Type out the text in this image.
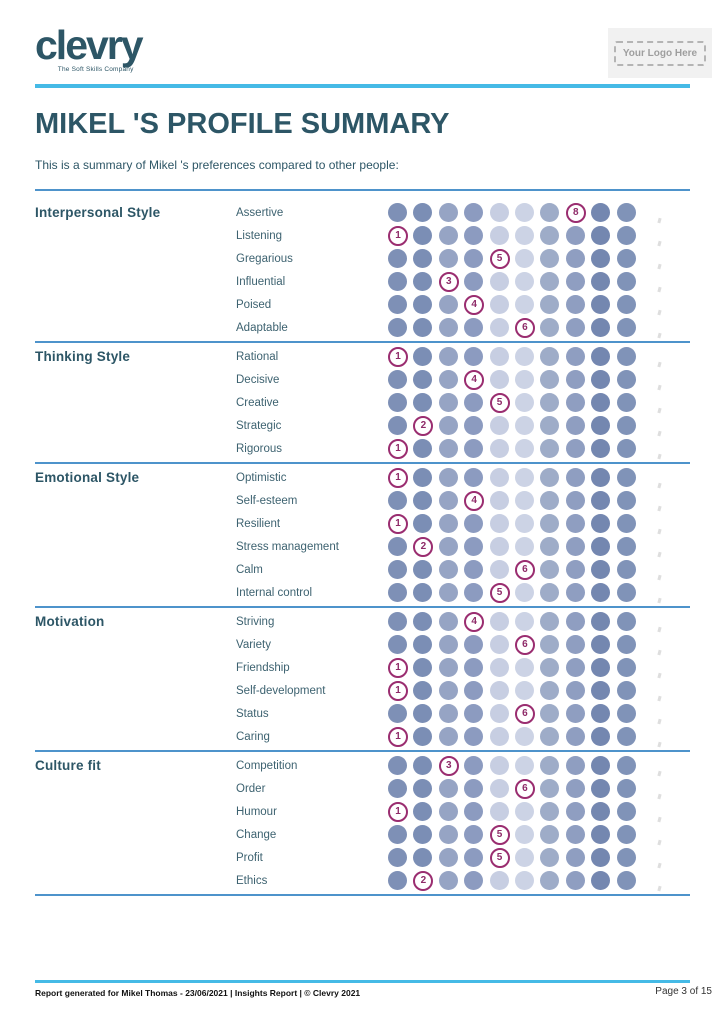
clevry
The Soft Skills Company
Your Logo Here
MIKEL 'S PROFILE SUMMARY
This is a summary of Mikel 's preferences compared to other people:
Interpersonal Style	Assertive	8
Listening	1
Gregarious	5
Influential	3
Poised	4
Adaptable	6
Thinking Style	Rational	1
Decisive	4
Creative	5
Strategic	2
Rigorous	1
Emotional Style	Optimistic	1
Self-esteem	4
Resilient	1
Stress management	2
Calm	6
Internal control	5
Motivation	Striving	4
Variety	6
Friendship	1
Self-development	1
Status	6
Caring	1
Culture fit	Competition	3
Order	6
Humour	1
Change	5
Profit	5
Ethics	2
Report generated for Mikel Thomas - 23/06/2021 | Insights Report | © Clevry 2021	Page 3 of 15
